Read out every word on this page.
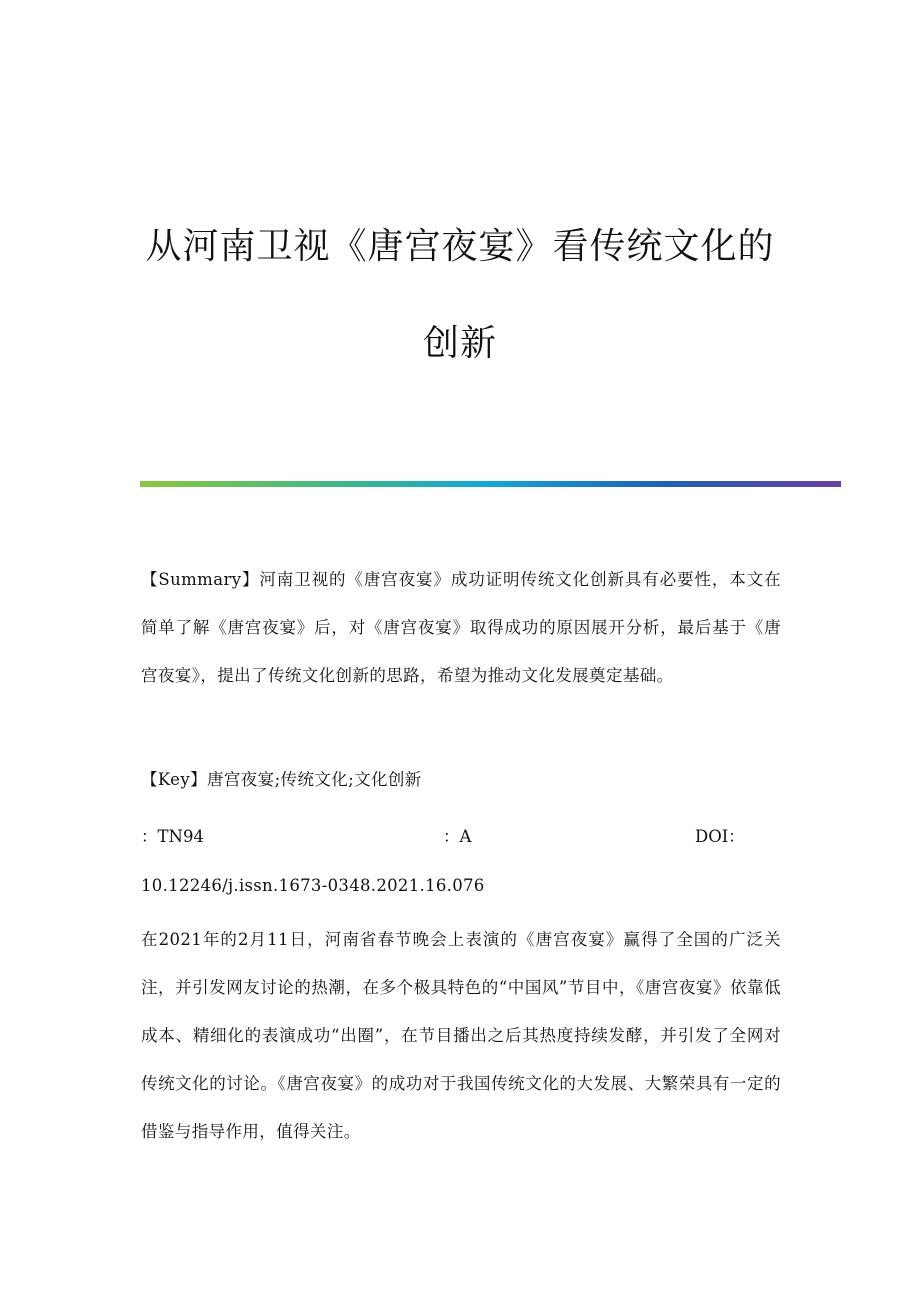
从河南卫视《唐宫夜宴》看传统文化的
创新
【Summary】河南卫视的《唐宫夜宴》成功证明传统文化创新具有必要性，本文在简单了解《唐宫夜宴》后，对《唐宫夜宴》取得成功的原因展开分析，最后基于《唐宫夜宴》，提出了传统文化创新的思路，希望为推动文化发展奠定基础。
【Key】唐宫夜宴;传统文化;文化创新
：TN94	：A	DOI：
10.12246/j.issn.1673-0348.2021.16.076
在2021年的2月11日，河南省春节晚会上表演的《唐宫夜宴》赢得了全国的广泛关注，并引发网友讨论的热潮，在多个极具特色的“中国风”节目中，《唐宫夜宴》依靠低成本、精细化的表演成功“出圈”，在节目播出之后其热度持续发酵，并引发了全网对传统文化的讨论。《唐宫夜宴》的成功对于我国传统文化的大发展、大繁荣具有一定的借鉴与指导作用，值得关注。
